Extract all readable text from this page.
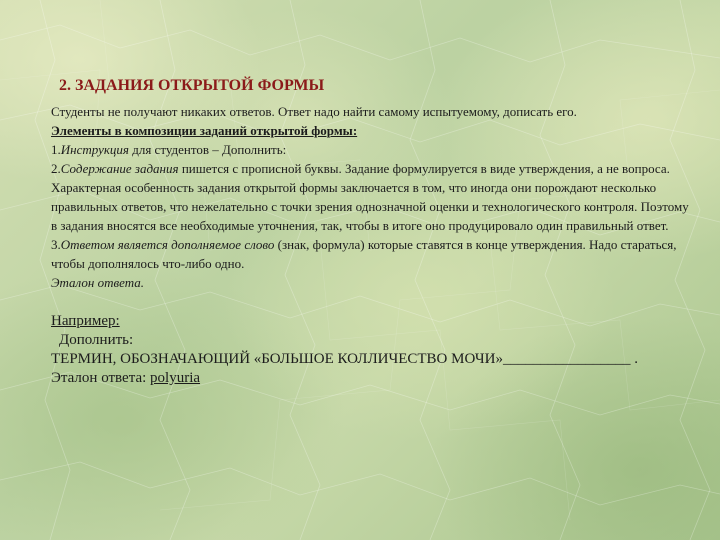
2. ЗАДАНИЯ ОТКРЫТОЙ ФОРМЫ

Студенты не получают никаких ответов. Ответ надо найти самому испытуемому, дописать его.

Элементы в композиции заданий открытой формы:

1.Инструкция для студентов – Дополнить:

2.Содержание задания пишется с прописной буквы. Задание формулируется в виде утверждения, а не вопроса. Характерная особенность задания открытой формы заключается в том, что иногда они порождают несколько правильных ответов, что нежелательно с точки зрения однозначной оценки и технологического контроля. Поэтому в задания вносятся все необходимые уточнения, так, чтобы в итоге оно продуцировало один правильный ответ.

3.Ответом является дополняемое слово (знак, формула) которые ставятся в конце утверждения. Надо стараться, чтобы дополнялось что-либо одно.

Эталон ответа.

Например:

Дополнить:

ТЕРМИН, ОБОЗНАЧАЮЩИЙ «БОЛЬШОЕ КОЛЛИЧЕСТВО МОЧИ»_________________ .

Эталон ответа: polyuria
